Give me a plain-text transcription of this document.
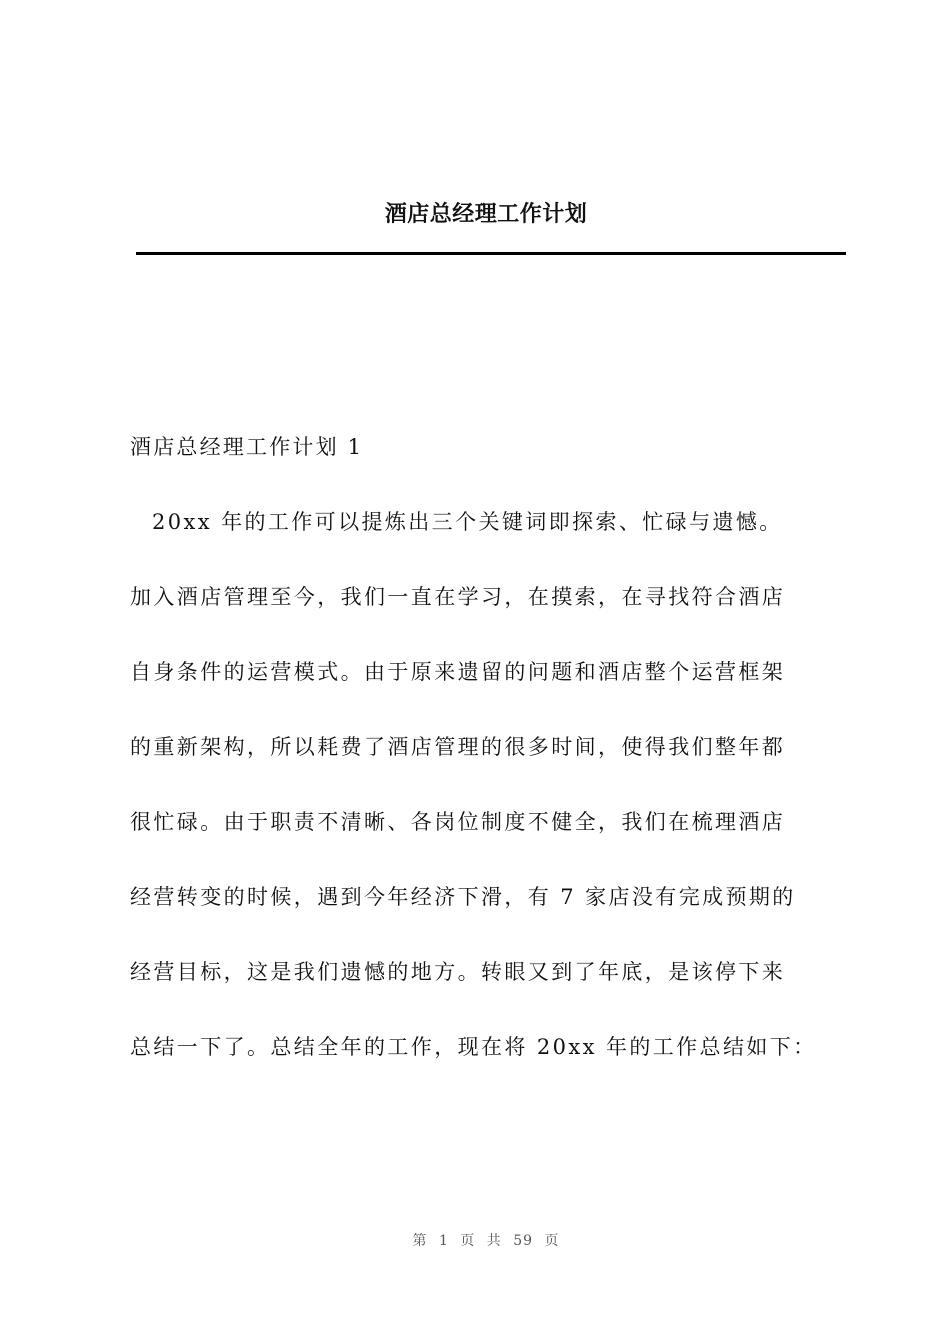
酒店总经理工作计划
酒店总经理工作计划 1
20xx 年的工作可以提炼出三个关键词即探索、忙碌与遗憾。
加入酒店管理至今，我们一直在学习，在摸索，在寻找符合酒店
自身条件的运营模式。由于原来遗留的问题和酒店整个运营框架
的重新架构，所以耗费了酒店管理的很多时间，使得我们整年都
很忙碌。由于职责不清晰、各岗位制度不健全，我们在梳理酒店
经营转变的时候，遇到今年经济下滑，有 7 家店没有完成预期的
经营目标，这是我们遗憾的地方。转眼又到了年底，是该停下来
总结一下了。总结全年的工作，现在将 20xx 年的工作总结如下：
第 1 页 共 59 页
